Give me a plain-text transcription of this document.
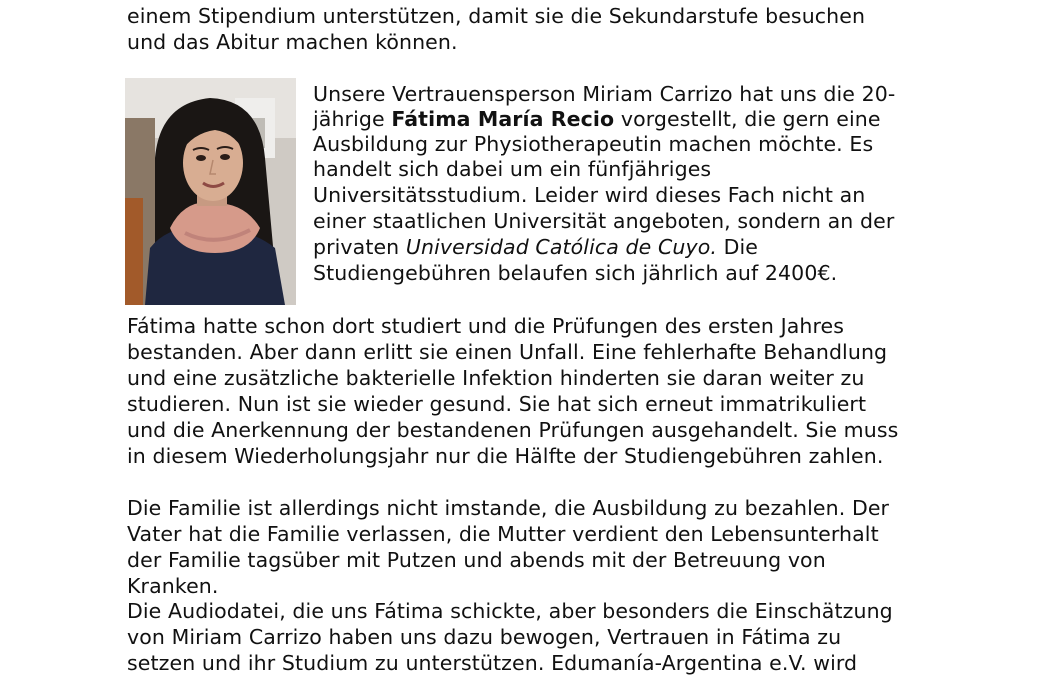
einem Stipendium unterstützen, damit sie die Sekundarstufe besuchen
und das Abitur machen können.
Unsere Vertrauensperson Miriam Carrizo hat uns die 20-
jährige Fátima María Recio vorgestellt, die gern eine
Ausbildung zur Physiotherapeutin machen möchte. Es
handelt sich dabei um ein fünfjähriges
Universitätsstudium. Leider wird dieses Fach nicht an
einer staatlichen Universität angeboten, sondern an der
privaten Universidad Católica de Cuyo. Die
Studiengebühren belaufen sich jährlich auf 2400€.
Fátima hatte schon dort studiert und die Prüfungen des ersten Jahres
bestanden. Aber dann erlitt sie einen Unfall. Eine fehlerhafte Behandlung
und eine zusätzliche bakterielle Infektion hinderten sie daran weiter zu
studieren. Nun ist sie wieder gesund. Sie hat sich erneut immatrikuliert
und die Anerkennung der bestandenen Prüfungen ausgehandelt. Sie muss
in diesem Wiederholungsjahr nur die Hälfte der Studiengebühren zahlen.
Die Familie ist allerdings nicht imstande, die Ausbildung zu bezahlen. Der
Vater hat die Familie verlassen, die Mutter verdient den Lebensunterhalt
der Familie tagsüber mit Putzen und abends mit der Betreuung von
Kranken.
Die Audiodatei, die uns Fátima schickte, aber besonders die Einschätzung
von Miriam Carrizo haben uns dazu bewogen, Vertrauen in Fátima zu
setzen und ihr Studium zu unterstützen. Edumanía-Argentina e.V. wird
